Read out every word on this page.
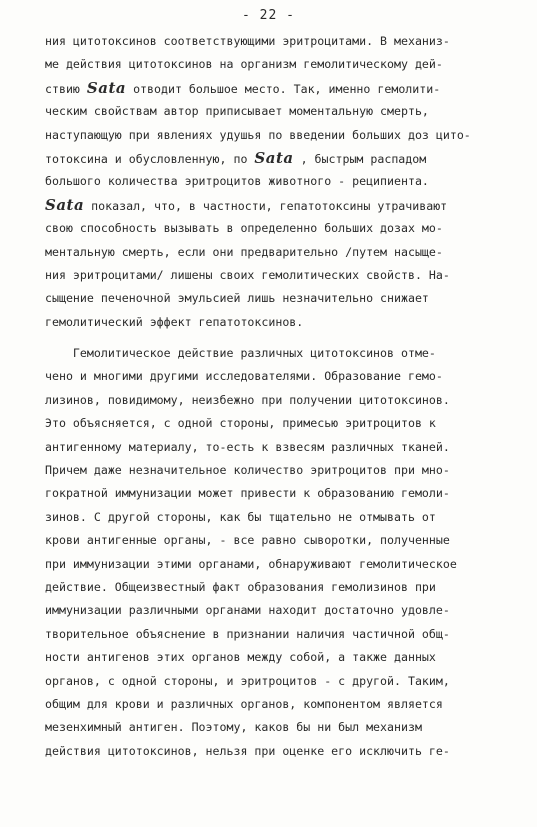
- 22 -
ния цитотоксинов соответствующими эритроцитами. В механиз-
ме действия цитотоксинов на организм гемолитическому дей-
ствию Sata отводит большое место. Так, именно гемолити-
ческим свойствам автор приписывает моментальную смерть,
наступающую при явлениях удушья по введении больших доз цито-
тотоксина и обусловленную, по Sata , быстрым распадом
большого количества эритроцитов животного - реципиента.
Sata показал, что, в частности, гепатотоксины утрачивают
свою способность вызывать в определенно больших дозах мо-
ментальную смерть, если они предварительно /путем насыще-
ния эритроцитами/ лишены своих гемолитических свойств. На-
сыщение печеночной эмульсией лишь незначительно снижает
гемолитический эффект гепатотоксинов.
Гемолитическое действие различных цитотоксинов отме-
чено и многими другими исследователями. Образование гемо-
лизинов, повидимому, неизбежно при получении цитотоксинов.
Это объясняется, с одной стороны, примесью эритроцитов к
антигенному материалу, то-есть к взвесям различных тканей.
Причем даже незначительное количество эритроцитов при мно-
гократной иммунизации может привести к образованию гемоли-
зинов. С другой стороны, как бы тщательно не отмывать от
крови антигенные органы, - все равно сыворотки, полученные
при иммунизации этими органами, обнаруживают гемолитическое
действие. Общеизвестный факт образования гемолизинов при
иммунизации различными органами находит достаточно удовле-
творительное объяснение в признании наличия частичной общ-
ности антигенов этих органов между собой, а также данных
органов, с одной стороны, и эритроцитов - с другой. Таким,
общим для крови и различных органов, компонентом является
мезенхимный антиген. Поэтому, каков бы ни был механизм
действия цитотоксинов, нельзя при оценке его исключить ге-
